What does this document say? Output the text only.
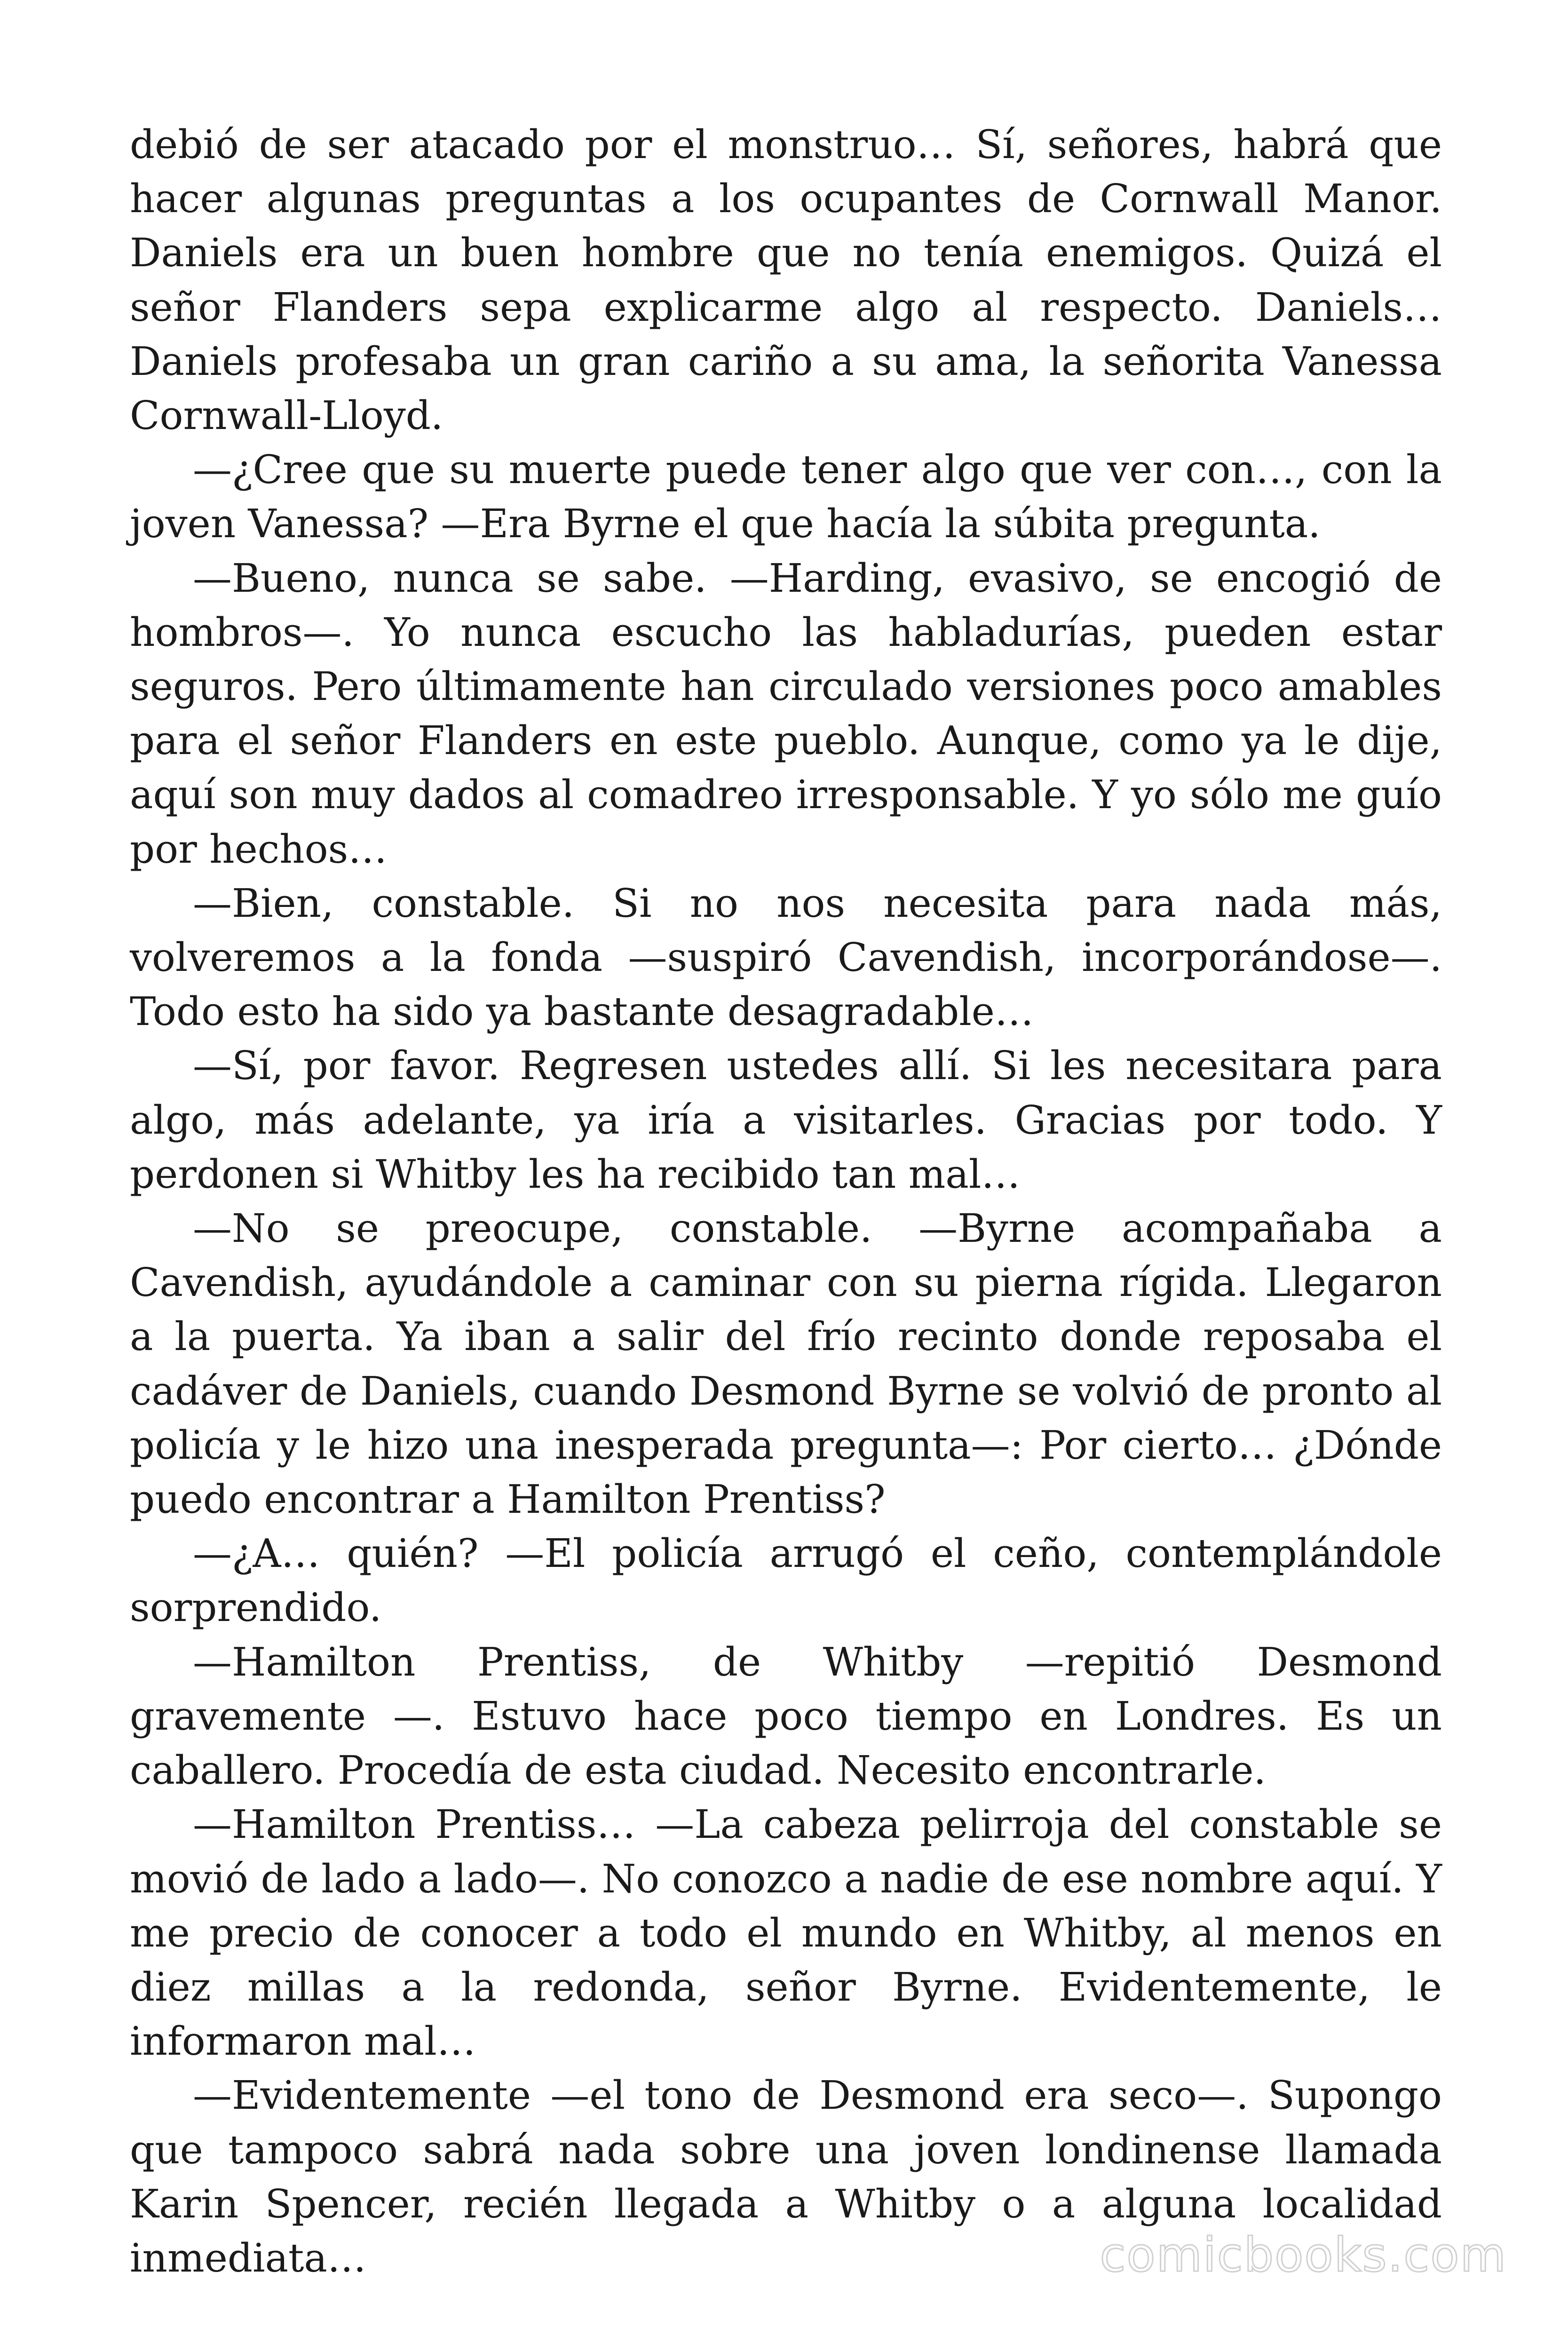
debió de ser atacado por el monstruo… Sí, señores, habrá que hacer algunas preguntas a los ocupantes de Cornwall Manor. Daniels era un buen hombre que no tenía enemigos. Quizá el señor Flanders sepa explicarme algo al respecto. Daniels… Daniels profesaba un gran cariño a su ama, la señorita Vanessa Cornwall-Lloyd.

—¿Cree que su muerte puede tener algo que ver con…, con la joven Vanessa? —Era Byrne el que hacía la súbita pregunta.

—Bueno, nunca se sabe. —Harding, evasivo, se encogió de hombros—. Yo nunca escucho las habladurías, pueden estar seguros. Pero últimamente han circulado versiones poco amables para el señor Flanders en este pueblo. Aunque, como ya le dije, aquí son muy dados al comadreo irresponsable. Y yo sólo me guío por hechos…

—Bien, constable. Si no nos necesita para nada más, volveremos a la fonda —suspiró Cavendish, incorporándose—. Todo esto ha sido ya bastante desagradable…

—Sí, por favor. Regresen ustedes allí. Si les necesitara para algo, más adelante, ya iría a visitarles. Gracias por todo. Y perdonen si Whitby les ha recibido tan mal…

—No se preocupe, constable. —Byrne acompañaba a Cavendish, ayudándole a caminar con su pierna rígida. Llegaron a la puerta. Ya iban a salir del frío recinto donde reposaba el cadáver de Daniels, cuando Desmond Byrne se volvió de pronto al policía y le hizo una inesperada pregunta—: Por cierto… ¿Dónde puedo encontrar a Hamilton Prentiss?

—¿A… quién? —El policía arrugó el ceño, contemplándole sorprendido.

—Hamilton Prentiss, de Whitby —repitió Desmond gravemente —. Estuvo hace poco tiempo en Londres. Es un caballero. Procedía de esta ciudad. Necesito encontrarle.

—Hamilton Prentiss… —La cabeza pelirroja del constable se movió de lado a lado—. No conozco a nadie de ese nombre aquí. Y me precio de conocer a todo el mundo en Whitby, al menos en diez millas a la redonda, señor Byrne. Evidentemente, le informaron mal…

—Evidentemente —el tono de Desmond era seco—. Supongo que tampoco sabrá nada sobre una joven londinense llamada Karin Spencer, recién llegada a Whitby o a alguna localidad inmediata…	comicbooks.com
